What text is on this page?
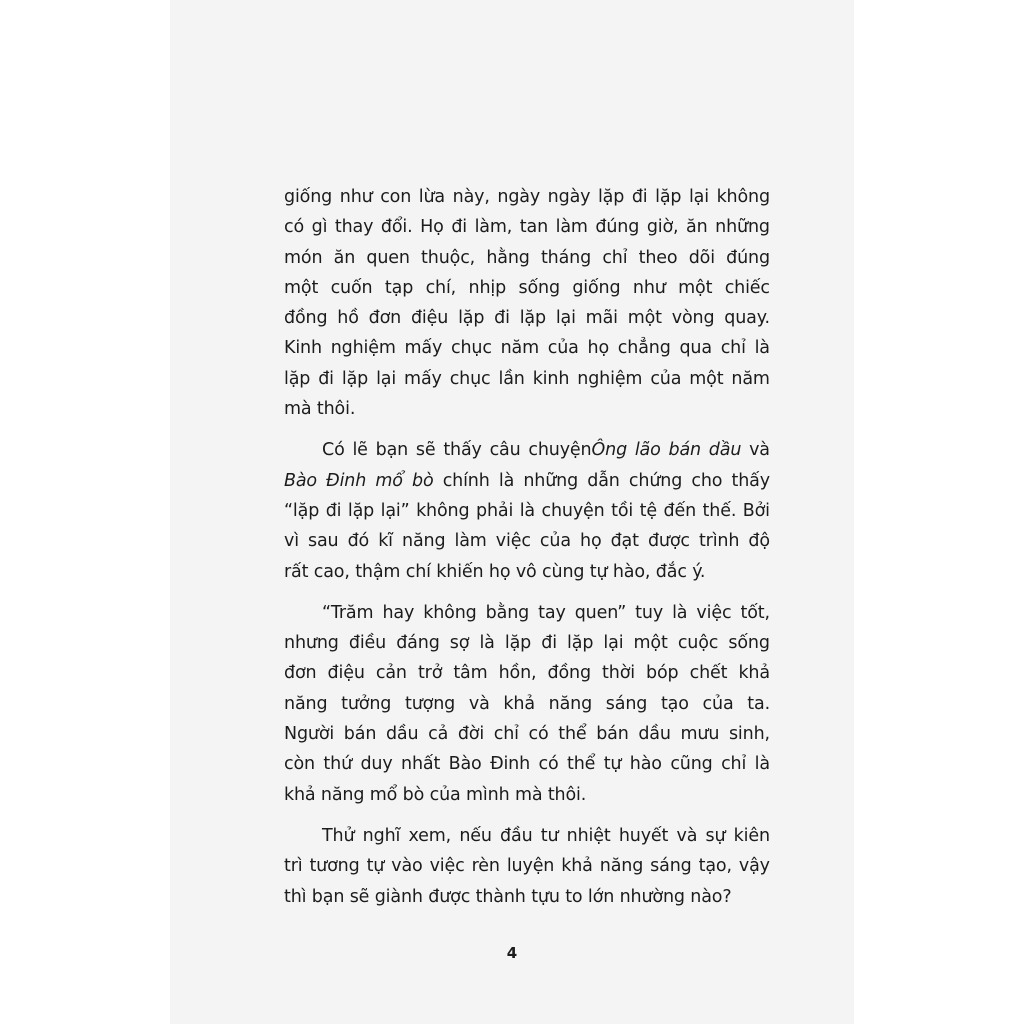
giống như con lừa này, ngày ngày lặp đi lặp lại không
có gì thay đổi. Họ đi làm, tan làm đúng giờ, ăn những
món ăn quen thuộc, hằng tháng chỉ theo dõi đúng
một cuốn tạp chí, nhịp sống giống như một chiếc
đồng hồ đơn điệu lặp đi lặp lại mãi một vòng quay.
Kinh nghiệm mấy chục năm của họ chẳng qua chỉ là
lặp đi lặp lại mấy chục lần kinh nghiệm của một năm
mà thôi.
Có lẽ bạn sẽ thấy câu chuyệnÔng lão bán dầu và
Bào Đinh mổ bò chính là những dẫn chứng cho thấy
“lặp đi lặp lại” không phải là chuyện tồi tệ đến thế. Bởi
vì sau đó kĩ năng làm việc của họ đạt được trình độ
rất cao, thậm chí khiến họ vô cùng tự hào, đắc ý.
“Trăm hay không bằng tay quen” tuy là việc tốt,
nhưng điều đáng sợ là lặp đi lặp lại một cuộc sống
đơn điệu cản trở tâm hồn, đồng thời bóp chết khả
năng tưởng tượng và khả năng sáng tạo của ta.
Người bán dầu cả đời chỉ có thể bán dầu mưu sinh,
còn thứ duy nhất Bào Đinh có thể tự hào cũng chỉ là
khả năng mổ bò của mình mà thôi.
Thử nghĩ xem, nếu đầu tư nhiệt huyết và sự kiên
trì tương tự vào việc rèn luyện khả năng sáng tạo, vậy
thì bạn sẽ giành được thành tựu to lớn nhường nào?
4
